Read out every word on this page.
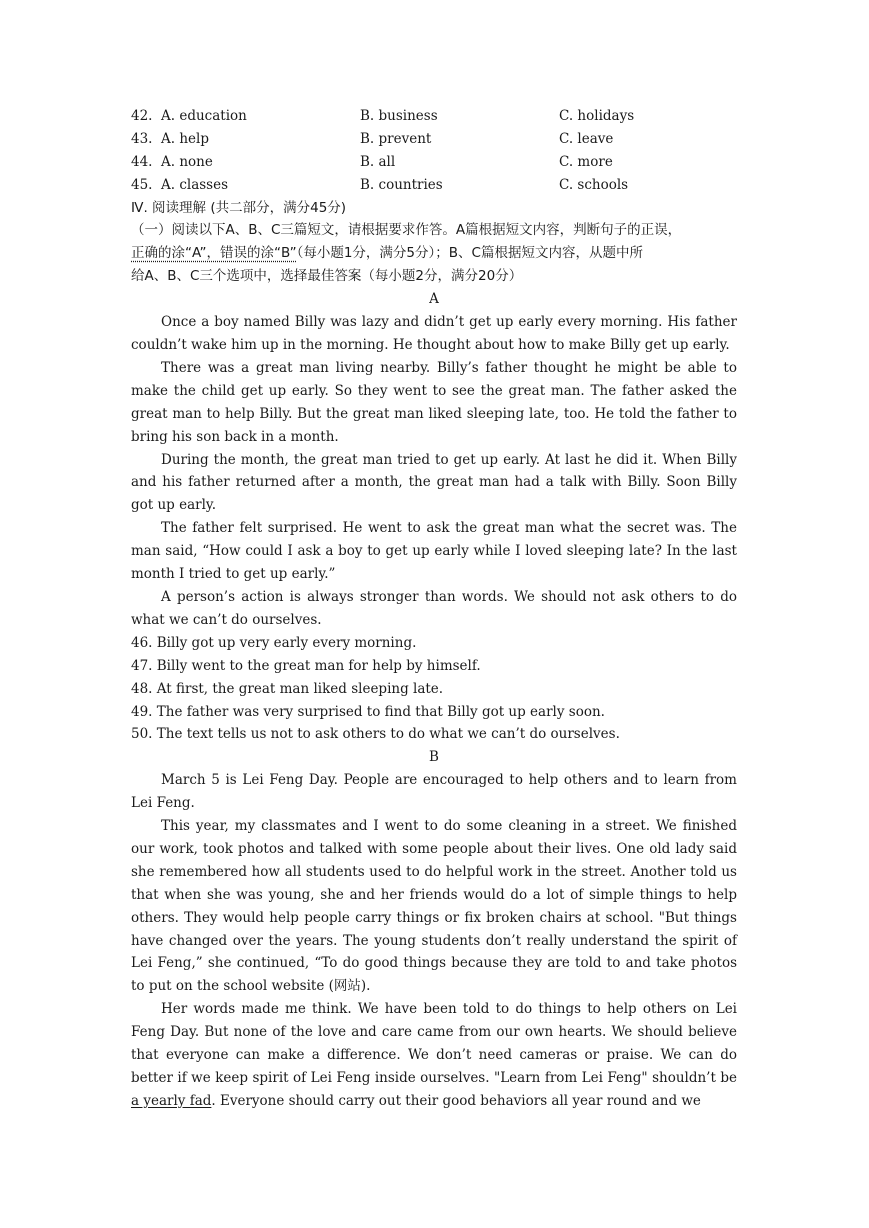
42. A. education	B. business	C. holidays
43. A. help	B. prevent	C. leave
44. A. none	B. all	C. more
45. A. classes	B. countries	C. schools
Ⅳ. 阅读理解 (共二部分，满分45分)
（一）阅读以下A、B、C三篇短文，请根据要求作答。A篇根据短文内容，判断句子的正误，
正确的涂“A”，错误的涂“B”（每小题1分，满分5分）；B、C篇根据短文内容，从题中所
给A、B、C三个选项中，选择最佳答案（每小题2分，满分20分）
A
Once a boy named Billy was lazy and didn’t get up early every morning. His father couldn’t wake him up in the morning. He thought about how to make Billy get up early.
There was a great man living nearby. Billy’s father thought he might be able to make the child get up early. So they went to see the great man. The father asked the great man to help Billy. But the great man liked sleeping late, too. He told the father to bring his son back in a month.
During the month, the great man tried to get up early. At last he did it. When Billy and his father returned after a month, the great man had a talk with Billy. Soon Billy got up early.
The father felt surprised. He went to ask the great man what the secret was. The man said, “How could I ask a boy to get up early while I loved sleeping late? In the last month I tried to get up early.”
A person’s action is always stronger than words. We should not ask others to do what we can’t do ourselves.
46. Billy got up very early every morning.
47. Billy went to the great man for help by himself.
48. At first, the great man liked sleeping late.
49. The father was very surprised to find that Billy got up early soon.
50. The text tells us not to ask others to do what we can’t do ourselves.
B
March 5 is Lei Feng Day. People are encouraged to help others and to learn from Lei Feng.
This year, my classmates and I went to do some cleaning in a street. We finished our work, took photos and talked with some people about their lives. One old lady said she remembered how all students used to do helpful work in the street. Another told us that when she was young, she and her friends would do a lot of simple things to help others. They would help people carry things or fix broken chairs at school. "But things have changed over the years. The young students don’t really understand the spirit of Lei Feng,” she continued, “To do good things because they are told to and take photos to put on the school website (网站).
Her words made me think. We have been told to do things to help others on Lei Feng Day. But none of the love and care came from our own hearts. We should believe that everyone can make a difference. We don’t need cameras or praise. We can do better if we keep spirit of Lei Feng inside ourselves. "Learn from Lei Feng" shouldn’t be a yearly fad. Everyone should carry out their good behaviors all year round and we
